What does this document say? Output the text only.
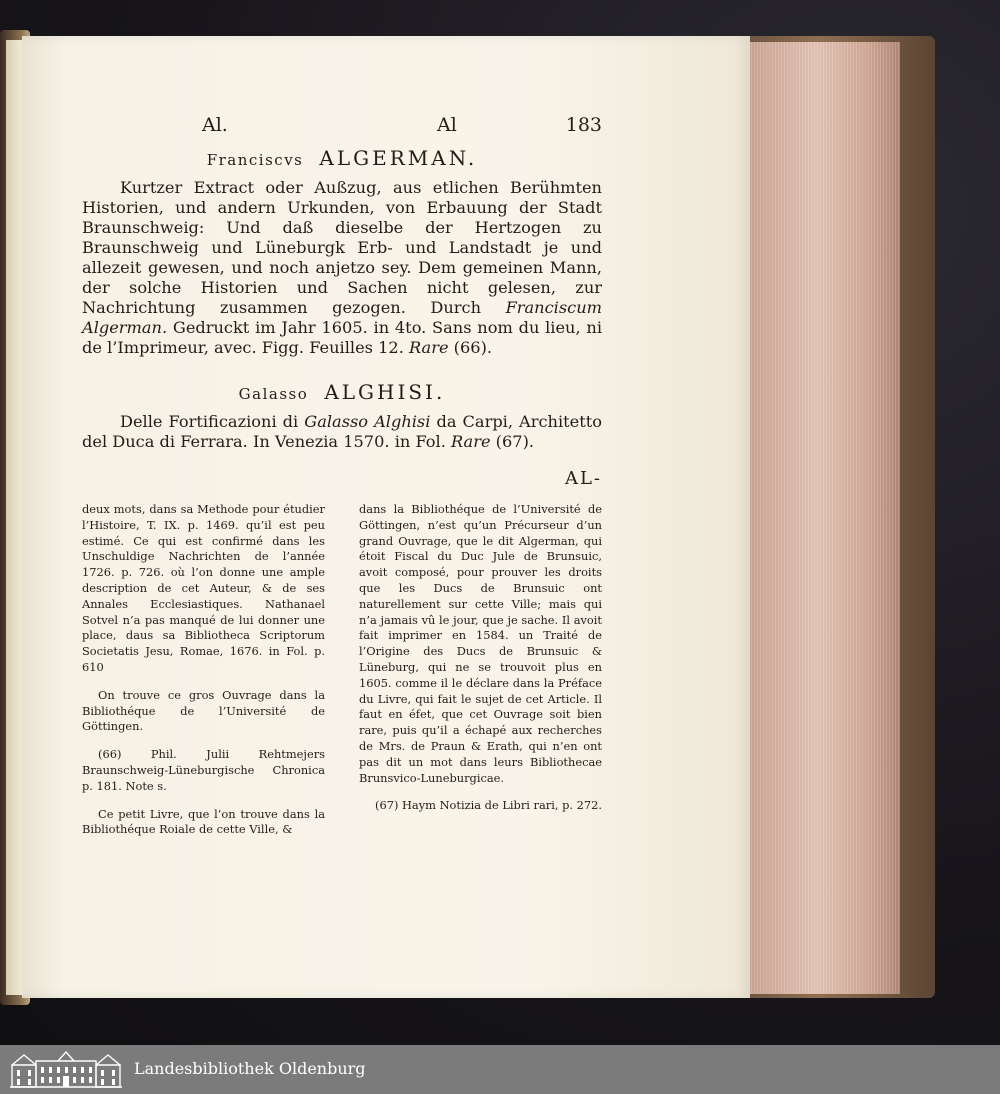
Al.	Al	183
Franciscvs ALGERMAN.

Kurtzer Extract oder Außzug, aus etlichen Berühmten Historien, und andern Urkunden, von Erbauung der Stadt Braunschweig: Und daß dieselbe der Hertzogen zu Braunschweig und Lüneburgk Erb- und Landstadt je und allezeit gewesen, und noch anjetzo sey. Dem gemeinen Mann, der solche Historien und Sachen nicht gelesen, zur Nachrichtung zusammen gezogen. Durch Franciscum Algerman. Gedruckt im Jahr 1605. in 4to. Sans nom du lieu, ni de l’Imprimeur, avec. Figg. Feuilles 12. Rare (66).

Galasso ALGHISI.

Delle Fortificazioni di Galasso Alghisi da Carpi, Architetto del Duca di Ferrara. In Venezia 1570. in Fol. Rare (67).

AL-

deux mots, dans sa Methode pour étudier l’Histoire, T. IX. p. 1469. qu’il est peu estimé. Ce qui est confirmé dans les Unschuldige Nachrichten de l’année 1726. p. 726. où l’on donne une ample description de cet Auteur, & de ses Annales Ecclesiastiques. Nathanael Sotvel n’a pas manqué de lui donner une place, daus sa Bibliotheca Scriptorum Societatis Jesu, Romae, 1676. in Fol. p. 610

On trouve ce gros Ouvrage dans la Bibliothéque de l’Université de Göttingen.

(66) Phil. Julii Rehtmejers Braunschweig-Lüneburgische Chronica p. 181. Note s.

Ce petit Livre, que l’on trouve dans la Bibliothéque Roiale de cette Ville, &

dans la Bibliothéque de l’Université de Göttingen, n’est qu’un Précurseur d’un grand Ouvrage, que le dit Algerman, qui étoit Fiscal du Duc Jule de Brunsuic, avoit composé, pour prouver les droits que les Ducs de Brunsuic ont naturellement sur cette Ville; mais qui n’a jamais vû le jour, que je sache. Il avoit fait imprimer en 1584. un Traité de l’Origine des Ducs de Brunsuic & Lüneburg, qui ne se trouvoit plus en 1605. comme il le déclare dans la Préface du Livre, qui fait le sujet de cet Article. Il faut en éfet, que cet Ouvrage soit bien rare, puis qu’il a échapé aux recherches de Mrs. de Praun & Erath, qui n’en ont pas dit un mot dans leurs Bibliothecae Brunsvico-Luneburgicae.

(67) Haym Notizia de Libri rari, p. 272.

Landesbibliothek Oldenburg
